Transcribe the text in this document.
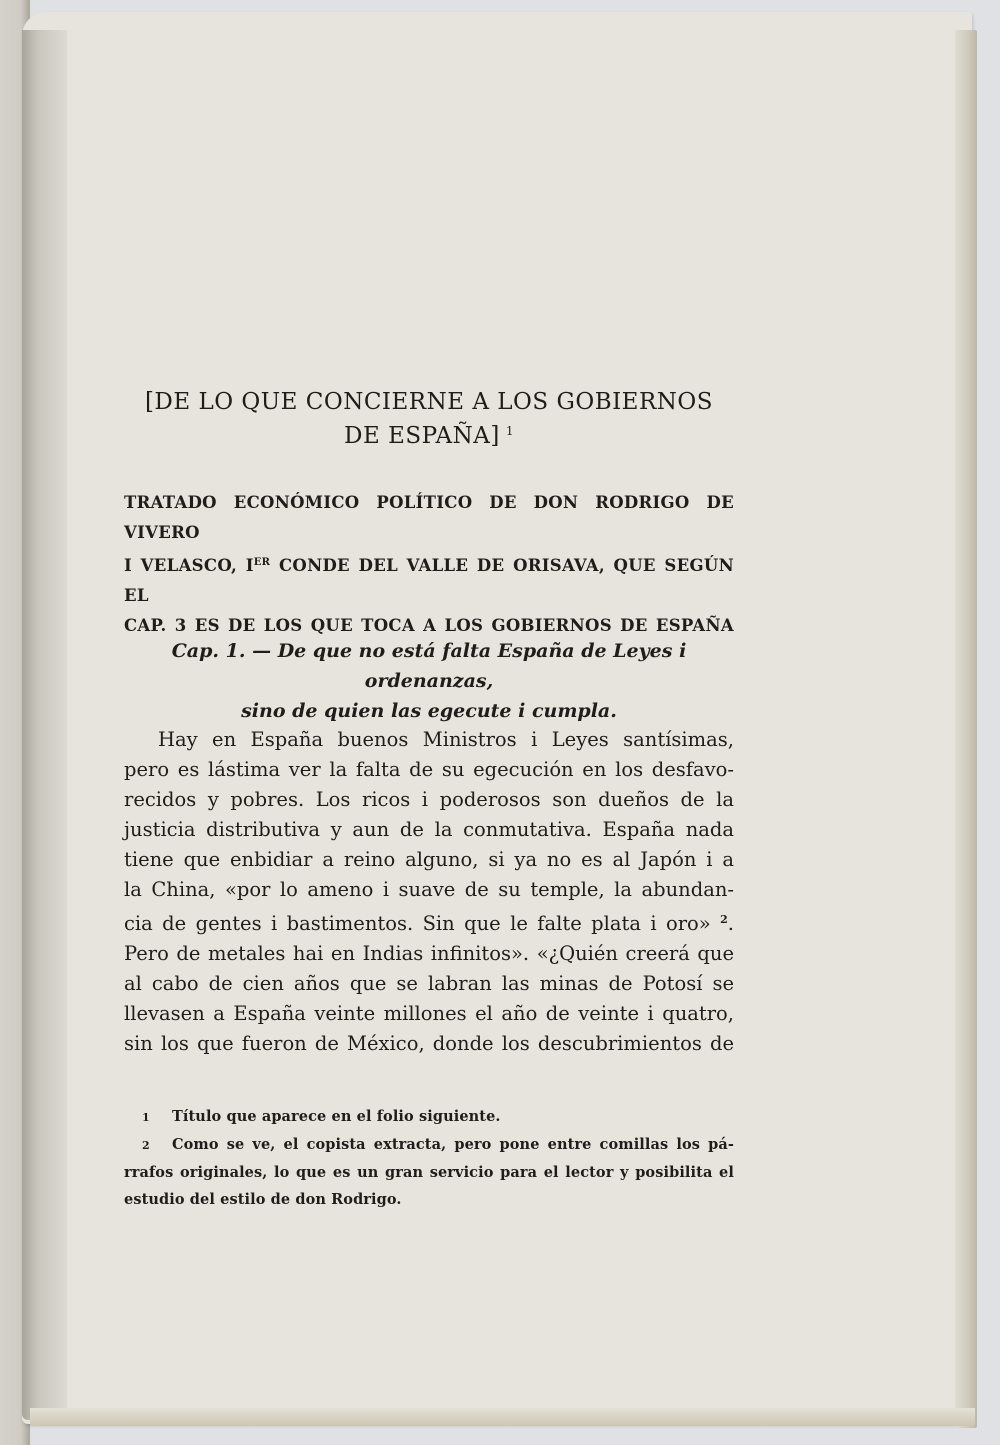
[DE LO QUE CONCIERNE A LOS GOBIERNOS
DE ESPAÑA] $^1$
TRATADO ECONÓMICO POLÍTICO DE DON RODRIGO DE VIVERO
I VELASCO, IER CONDE DEL VALLE DE ORISAVA, QUE SEGÚN EL
CAP. 3 ES DE LOS QUE TOCA A LOS GOBIERNOS DE ESPAÑA
Cap. 1. — De que no está falta España de Leyes i ordenanzas,
sino de quien las egecute i cumpla.
Hay en España buenos Ministros i Leyes santísimas,
pero es lástima ver la falta de su egecución en los desfavo-
recidos y pobres. Los ricos i poderosos son dueños de la
justicia distributiva y aun de la conmutativa. España nada
tiene que enbidiar a reino alguno, si ya no es al Japón i a
la China, «por lo ameno i suave de su temple, la abundan-
cia de gentes i bastimentos. Sin que le falte plata i oro» $^2$.
Pero de metales hai en Indias infinitos». «¿Quién creerá que
al cabo de cien años que se labran las minas de Potosí se
llevasen a España veinte millones el año de veinte i quatro,
sin los que fueron de México, donde los descubrimientos de
1 Título que aparece en el folio siguiente.
2 Como se ve, el copista extracta, pero pone entre comillas los pá-
rrafos originales, lo que es un gran servicio para el lector y posibilita el
estudio del estilo de don Rodrigo.
